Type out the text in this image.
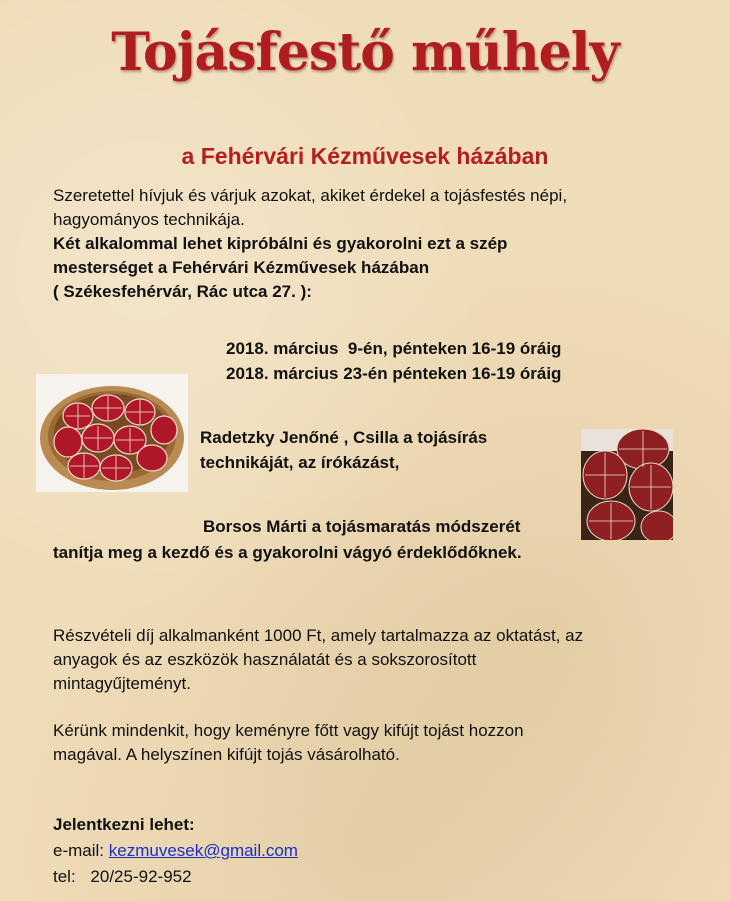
Tojásfestő műhely
a Fehérvári Kézművesek házában
Szeretettel hívjuk és várjuk azokat, akiket érdekel a tojásfestés népi,
hagyományos technikája.
Két alkalommal lehet kipróbálni és gyakorolni ezt a szép
mesterséget a Fehérvári Kézművesek házában
( Székesfehérvár, Rác utca 27. ):
2018. március  9-én, pénteken 16-19 óráig
2018. március 23-én pénteken 16-19 óráig
Radetzky Jenőné , Csilla a tojásírás
technikáját, az írókázást,
Borsos Márti a tojásmaratás módszerét
tanítja meg a kezdő és a gyakorolni vágyó érdeklődőknek.
Részvételi díj alkalmanként 1000 Ft, amely tartalmazza az oktatást, az
anyagok és az eszközök használatát és a sokszorosított
mintagyűjteményt.
Kérünk mindenkit, hogy keményre főtt vagy kifújt tojást hozzon
magával. A helyszínen kifújt tojás vásárolható.
Jelentkezni lehet:
e-mail: kezmuvesek@gmail.com
tel: 20/25-92-952
